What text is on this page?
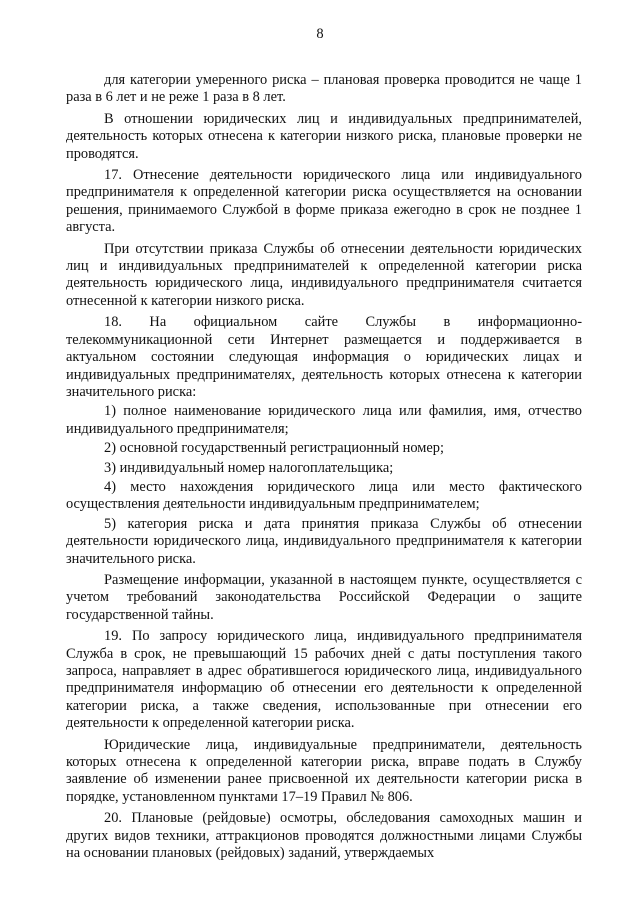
8

для категории умеренного риска – плановая проверка проводится не чаще 1 раза в 6 лет и не реже 1 раза в 8 лет.

В отношении юридических лиц и индивидуальных предпринимателей, деятельность которых отнесена к категории низкого риска, плановые проверки не проводятся.

17. Отнесение деятельности юридического лица или индивидуального предпринимателя к определенной категории риска осуществляется на основании решения, принимаемого Службой в форме приказа ежегодно в срок не позднее 1 августа.

При отсутствии приказа Службы об отнесении деятельности юридических лиц и индивидуальных предпринимателей к определенной категории риска деятельность юридического лица, индивидуального предпринимателя считается отнесенной к категории низкого риска.

18. На официальном сайте Службы в информационно-телекоммуникационной сети Интернет размещается и поддерживается в актуальном состоянии следующая информация о юридических лицах и индивидуальных предпринимателях, деятельность которых отнесена к категории значительного риска:

1) полное наименование юридического лица или фамилия, имя, отчество индивидуального предпринимателя;

2) основной государственный регистрационный номер;

3) индивидуальный номер налогоплательщика;

4) место нахождения юридического лица или место фактического осуществления деятельности индивидуальным предпринимателем;

5) категория риска и дата принятия приказа Службы об отнесении деятельности юридического лица, индивидуального предпринимателя к категории значительного риска.

Размещение информации, указанной в настоящем пункте, осуществляется с учетом требований законодательства Российской Федерации о защите государственной тайны.

19. По запросу юридического лица, индивидуального предпринимателя Служба в срок, не превышающий 15 рабочих дней с даты поступления такого запроса, направляет в адрес обратившегося юридического лица, индивидуального предпринимателя информацию об отнесении его деятельности к определенной категории риска, а также сведения, использованные при отнесении его деятельности к определенной категории риска.

Юридические лица, индивидуальные предприниматели, деятельность которых отнесена к определенной категории риска, вправе подать в Службу заявление об изменении ранее присвоенной их деятельности категории риска в порядке, установленном пунктами 17–19 Правил № 806.

20. Плановые (рейдовые) осмотры, обследования самоходных машин и других видов техники, аттракционов проводятся должностными лицами Службы на основании плановых (рейдовых) заданий, утверждаемых
